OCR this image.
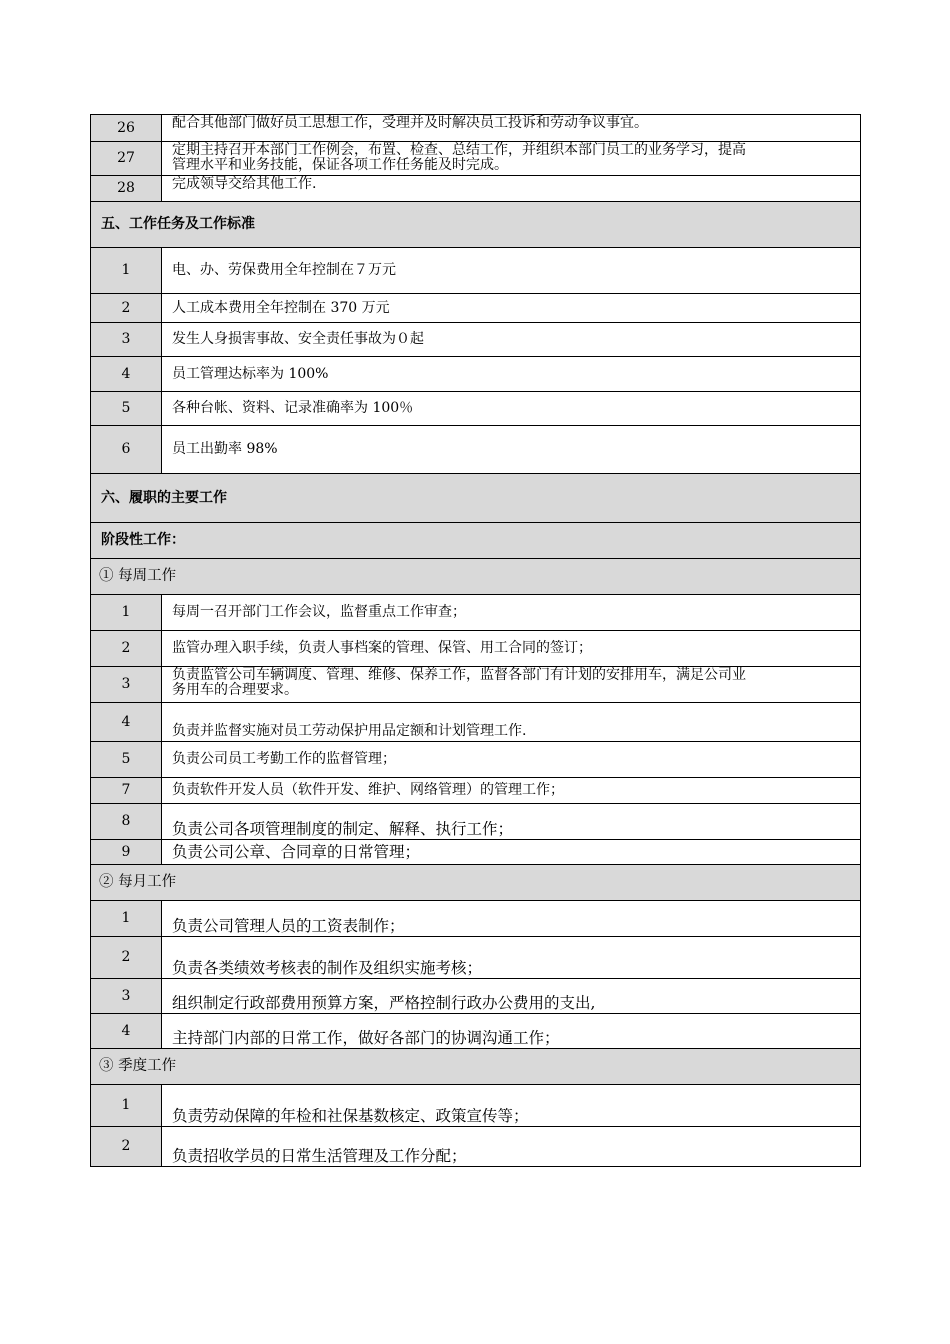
26	配合其他部门做好员工思想工作，受理并及时解决员工投诉和劳动争议事宜。
27	定期主持召开本部门工作例会，布置、检查、总结工作，并组织本部门员工的业务学习，提高
管理水平和业务技能，保证各项工作任务能及时完成。

28	完成领导交给其他工作.
五、工作任务及工作标准	
1	电、办、劳保费用全年控制在７万元
2	人工成本费用全年控制在 370 万元
3	发生人身损害事故、安全责任事故为０起
4	员工管理达标率为 100%
5	各种台帐、资料、记录准确率为 100％
6	员工出勤率 98%
六、履职的主要工作	
阶段性工作：	
① 每周工作	
1	每周一召开部门工作会议，监督重点工作审查；
2	监管办理入职手续，负责人事档案的管理、保管、用工合同的签订；
3	负责监管公司车辆调度、管理、维修、保养工作，监督各部门有计划的安排用车，满足公司业
务用车的合理要求。

4	负责并监督实施对员工劳动保护用品定额和计划管理工作.
5	负责公司员工考勤工作的监督管理；
7	负责软件开发人员（软件开发、维护、网络管理）的管理工作；
8	负责公司各项管理制度的制定、解释、执行工作；
9	负责公司公章、合同章的日常管理；
② 每月工作	
1	负责公司管理人员的工资表制作；
2	负责各类绩效考核表的制作及组织实施考核；
3	组织制定行政部费用预算方案，严格控制行政办公费用的支出,
4	主持部门内部的日常工作，做好各部门的协调沟通工作；
③ 季度工作	
1	负责劳动保障的年检和社保基数核定、政策宣传等；
2	负责招收学员的日常生活管理及工作分配；
